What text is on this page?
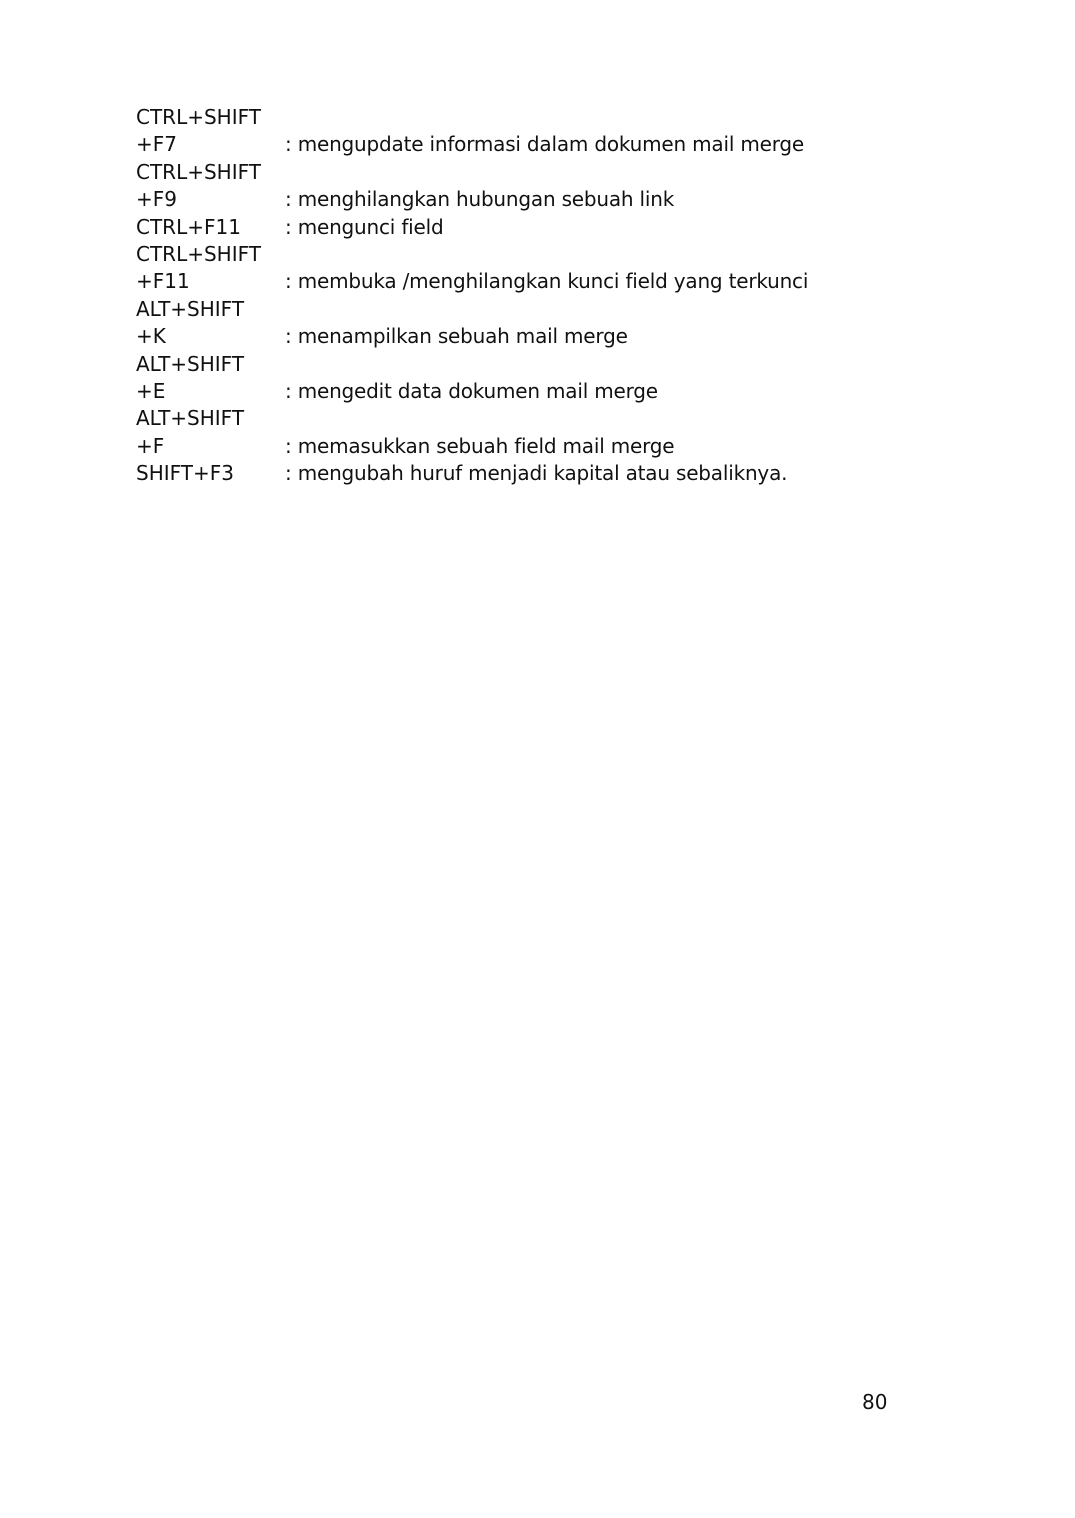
CTRL+SHIFT
+F7	: mengupdate informasi dalam dokumen mail merge
CTRL+SHIFT
+F9	: menghilangkan hubungan sebuah link
CTRL+F11	: mengunci field
CTRL+SHIFT
+F11	: membuka /menghilangkan kunci field yang terkunci
ALT+SHIFT
+K	: menampilkan sebuah mail merge
ALT+SHIFT
+E	: mengedit data dokumen mail merge
ALT+SHIFT
+F	: memasukkan sebuah field mail merge
SHIFT+F3	: mengubah huruf menjadi kapital atau sebaliknya.
80
